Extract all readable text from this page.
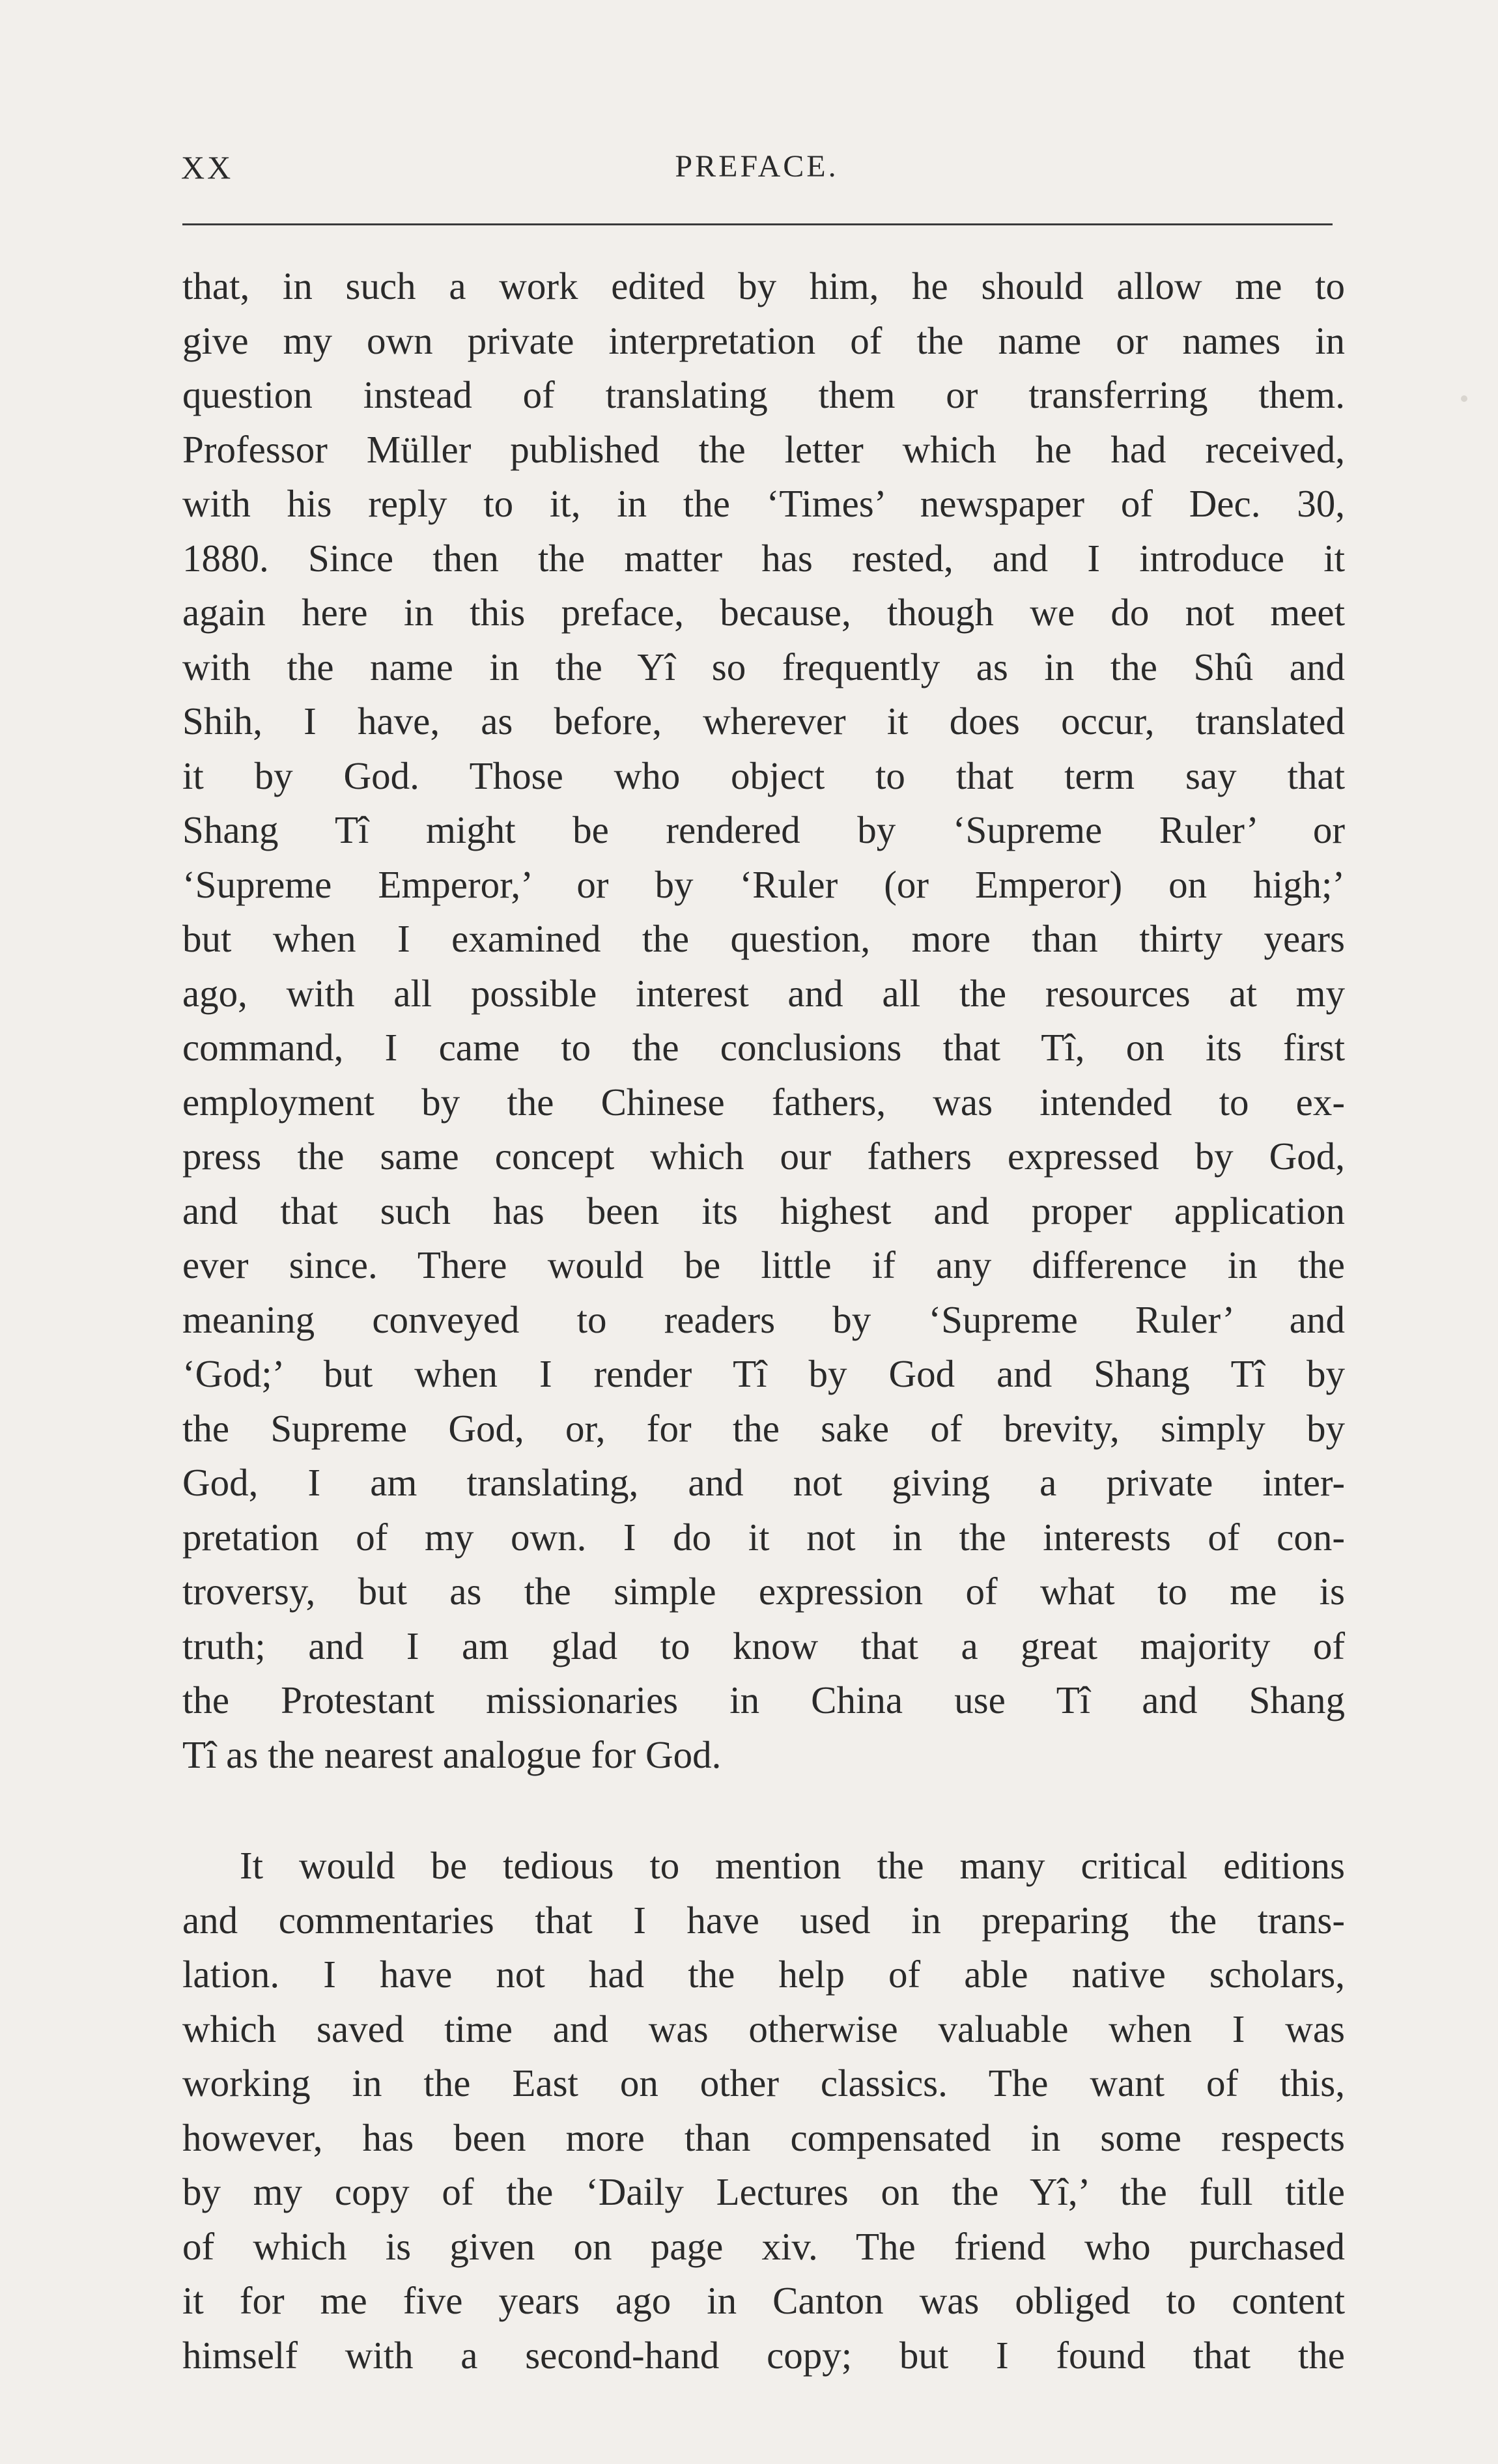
XX	PREFACE.
that, in such a work edited by him, he should allow me to
give my own private interpretation of the name or names in
question instead of translating them or transferring them.
Professor Müller published the letter which he had received,
with his reply to it, in the ‘Times’ newspaper of Dec. 30,
1880. Since then the matter has rested, and I introduce it
again here in this preface, because, though we do not meet
with the name in the Yî so frequently as in the Shû and
Shih, I have, as before, wherever it does occur, translated
it by God. Those who object to that term say that
Shang Tî might be rendered by ‘Supreme Ruler’ or
‘Supreme Emperor,’ or by ‘Ruler (or Emperor) on high;’
but when I examined the question, more than thirty years
ago, with all possible interest and all the resources at my
command, I came to the conclusions that Tî, on its first
employment by the Chinese fathers, was intended to ex-
press the same concept which our fathers expressed by God,
and that such has been its highest and proper application
ever since. There would be little if any difference in the
meaning conveyed to readers by ‘Supreme Ruler’ and
‘God;’ but when I render Tî by God and Shang Tî by
the Supreme God, or, for the sake of brevity, simply by
God, I am translating, and not giving a private inter-
pretation of my own. I do it not in the interests of con-
troversy, but as the simple expression of what to me is
truth; and I am glad to know that a great majority of
the Protestant missionaries in China use Tî and Shang
Tî as the nearest analogue for God.
It would be tedious to mention the many critical editions
and commentaries that I have used in preparing the trans-
lation. I have not had the help of able native scholars,
which saved time and was otherwise valuable when I was
working in the East on other classics. The want of this,
however, has been more than compensated in some respects
by my copy of the ‘Daily Lectures on the Yî,’ the full title
of which is given on page xiv. The friend who purchased
it for me five years ago in Canton was obliged to content
himself with a second-hand copy; but I found that the
